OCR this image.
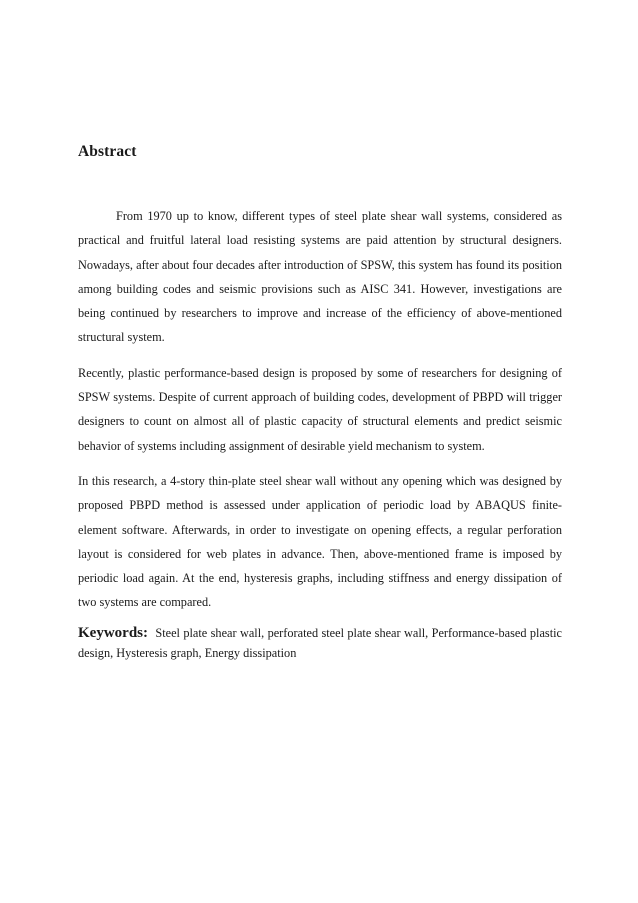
Abstract

From 1970 up to know, different types of steel plate shear wall systems, considered as practical and fruitful lateral load resisting systems are paid attention by structural designers. Nowadays, after about four decades after introduction of SPSW, this system has found its position among building codes and seismic provisions such as AISC 341. However, investigations are being continued by researchers to improve and increase of the efficiency of above-mentioned structural system.

Recently, plastic performance-based design is proposed by some of researchers for designing of SPSW systems. Despite of current approach of building codes, development of PBPD will trigger designers to count on almost all of plastic capacity of structural elements and predict seismic behavior of systems including assignment of desirable yield mechanism to system.

In this research, a 4-story thin-plate steel shear wall without any opening which was designed by proposed PBPD method is assessed under application of periodic load by ABAQUS finite-element software. Afterwards, in order to investigate on opening effects, a regular perforation layout is considered for web plates in advance. Then, above-mentioned frame is imposed by periodic load again. At the end, hysteresis graphs, including stiffness and energy dissipation of two systems are compared.

Keywords: Steel plate shear wall, perforated steel plate shear wall, Performance-based plastic design, Hysteresis graph, Energy dissipation
